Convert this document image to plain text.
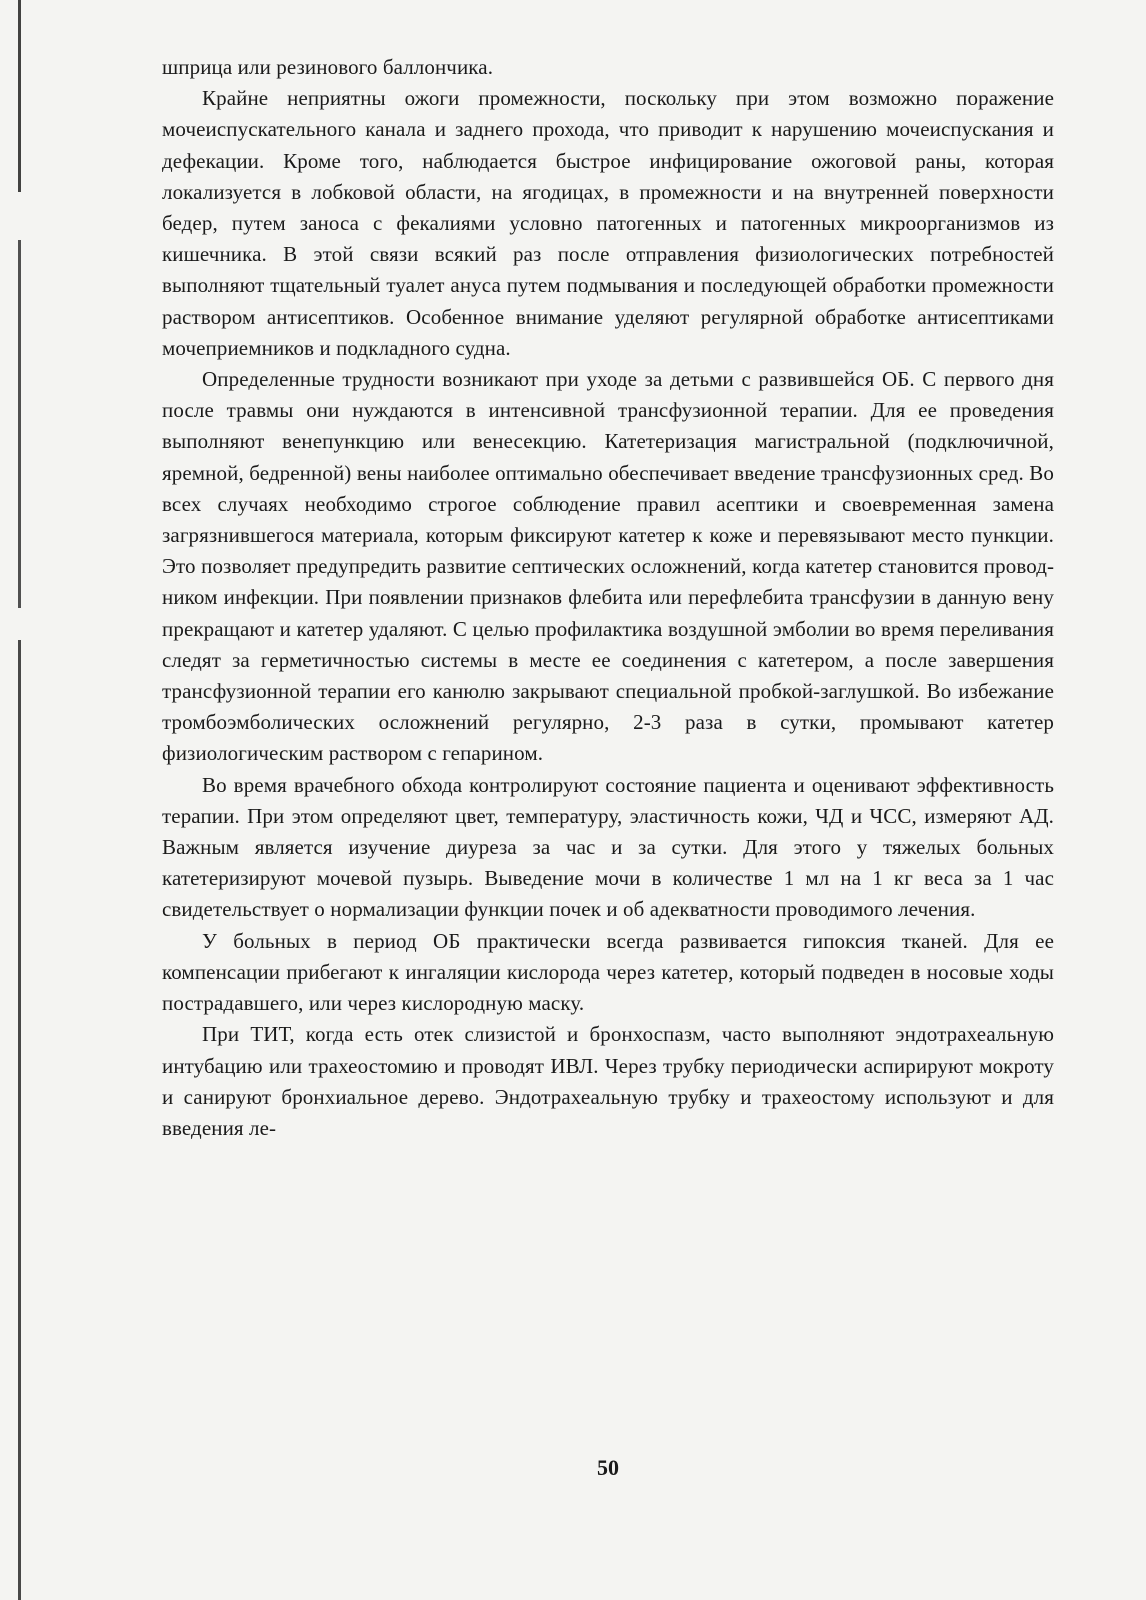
шприца или резинового баллончика.

Крайне неприятны ожоги промежности, поскольку при этом возможно поражение мочеиспускательного канала и заднего прохода, что приводит к нарушению мочеиспускания и дефекации. Кроме того, наблюдается быстрое инфицирование ожоговой раны, которая локализуется в лобковой области, на ягодицах, в промежности и на внутренней поверхности бедер, путем заноса с фекалиями условно патогенных и патогенных микроорганизмов из кишечника. В этой связи всякий раз после отправления физиологических потребностей выполняют тщательный туалет ануса путем подмывания и последующей обработки промежности раствором антисептиков. Особенное внимание уделяют регулярной обработке антисептиками мочеприемников и подкладного судна.

Определенные трудности возникают при уходе за детьми с развившейся ОБ. С первого дня после травмы они нуждаются в интенсивной трансфузионной терапии. Для ее проведения выполняют венепункцию или венесекцию. Катетеризация магистральной (подключичной, яремной, бедренной) вены наиболее оптимально обеспечивает введение трансфузионных сред. Во всех случаях необходимо строгое соблюдение правил асептики и своевременная замена загрязнившегося материала, которым фиксируют катетер к коже и перевязывают место пункции. Это позволяет предупредить развитие септических осложнений, когда катетер становится проводником инфекции. При появлении признаков флебита или перефлебита трансфузии в данную вену прекращают и катетер удаляют. С целью профилактика воздушной эмболии во время переливания следят за герметичностью системы в месте ее соединения с катетером, а после завершения трансфузионной терапии его канюлю закрывают специальной пробкой-заглушкой. Во избежание тромбоэмболических осложнений регулярно, 2-3 раза в сутки, промывают катетер физиологическим раствором с гепарином.

Во время врачебного обхода контролируют состояние пациента и оценивают эффективность терапии. При этом определяют цвет, температуру, эластичность кожи, ЧД и ЧСС, измеряют АД. Важным является изучение диуреза за час и за сутки. Для этого у тяжелых больных катетеризируют мочевой пузырь. Выведение мочи в количестве 1 мл на 1 кг веса за 1 час свидетельствует о нормализации функции почек и об адекватности проводимого лечения.

У больных в период ОБ практически всегда развивается гипоксия тканей. Для ее компенсации прибегают к ингаляции кислорода через катетер, который подведен в носовые ходы пострадавшего, или через кислородную маску.

При ТИТ, когда есть отек слизистой и бронхоспазм, часто выполняют эндотрахеальную интубацию или трахеостомию и проводят ИВЛ. Через трубку периодически аспирируют мокроту и санируют бронхиальное дерево. Эндотрахеальную трубку и трахеостому используют и для введения ле-

50
